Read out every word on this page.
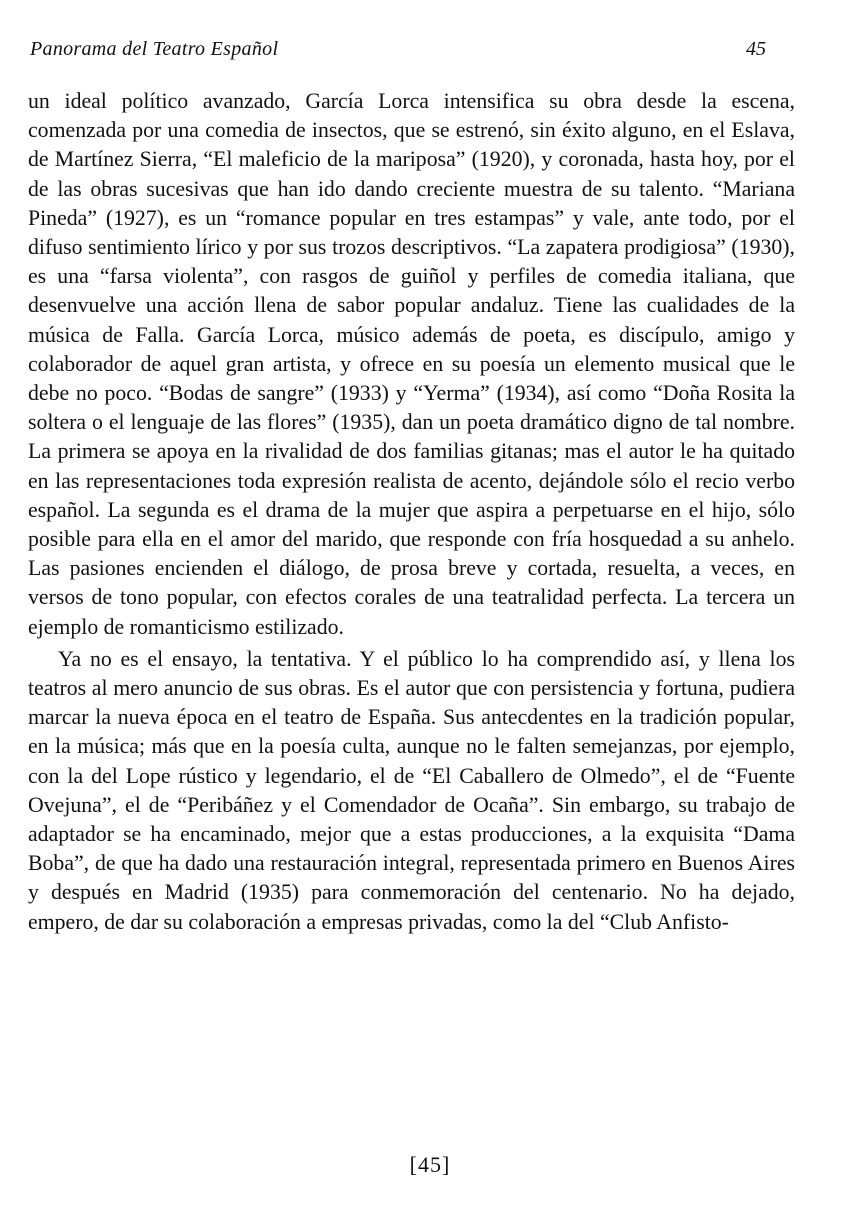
Panorama del Teatro Español	45

un ideal político avanzado, García Lorca intensifica su obra desde la escena, comenzada por una comedia de insectos, que se estrenó, sin éxito alguno, en el Eslava, de Martínez Sierra, “El maleficio de la mariposa” (1920), y coronada, hasta hoy, por el de las obras sucesivas que han ido dando creciente muestra de su talento. “Mariana Pineda” (1927), es un “romance popular en tres estampas” y vale, ante todo, por el difuso sentimiento lírico y por sus trozos descriptivos. “La zapatera prodigiosa” (1930), es una “farsa violenta”, con rasgos de guiñol y perfiles de comedia italiana, que desenvuelve una acción llena de sabor popular andaluz. Tiene las cualidades de la música de Falla. García Lorca, músico además de poeta, es discípulo, amigo y colaborador de aquel gran artista, y ofrece en su poesía un elemento musical que le debe no poco. “Bodas de sangre” (1933) y “Yerma” (1934), así como “Doña Rosita la soltera o el lenguaje de las flores” (1935), dan un poeta dramático digno de tal nombre. La primera se apoya en la rivalidad de dos familias gitanas; mas el autor le ha quitado en las representaciones toda expresión realista de acento, dejándole sólo el recio verbo español. La segunda es el drama de la mujer que aspira a perpetuarse en el hijo, sólo posible para ella en el amor del marido, que responde con fría hosquedad a su anhelo. Las pasiones encienden el diálogo, de prosa breve y cortada, resuelta, a veces, en versos de tono popular, con efectos corales de una teatralidad perfecta. La tercera un ejemplo de romanticismo estilizado.

Ya no es el ensayo, la tentativa. Y el público lo ha comprendido así, y llena los teatros al mero anuncio de sus obras. Es el autor que con persistencia y fortuna, pudiera marcar la nueva época en el teatro de España. Sus antecdentes en la tradición popular, en la música; más que en la poesía culta, aunque no le falten semejanzas, por ejemplo, con la del Lope rústico y legendario, el de “El Caballero de Olmedo”, el de “Fuente Ovejuna”, el de “Peribáñez y el Comendador de Ocaña”. Sin embargo, su trabajo de adaptador se ha encaminado, mejor que a estas producciones, a la exquisita “Dama Boba”, de que ha dado una restauración integral, representada primero en Buenos Aires y después en Madrid (1935) para conmemoración del centenario. No ha dejado, empero, de dar su colaboración a empresas privadas, como la del “Club Anfisto-

[45]
